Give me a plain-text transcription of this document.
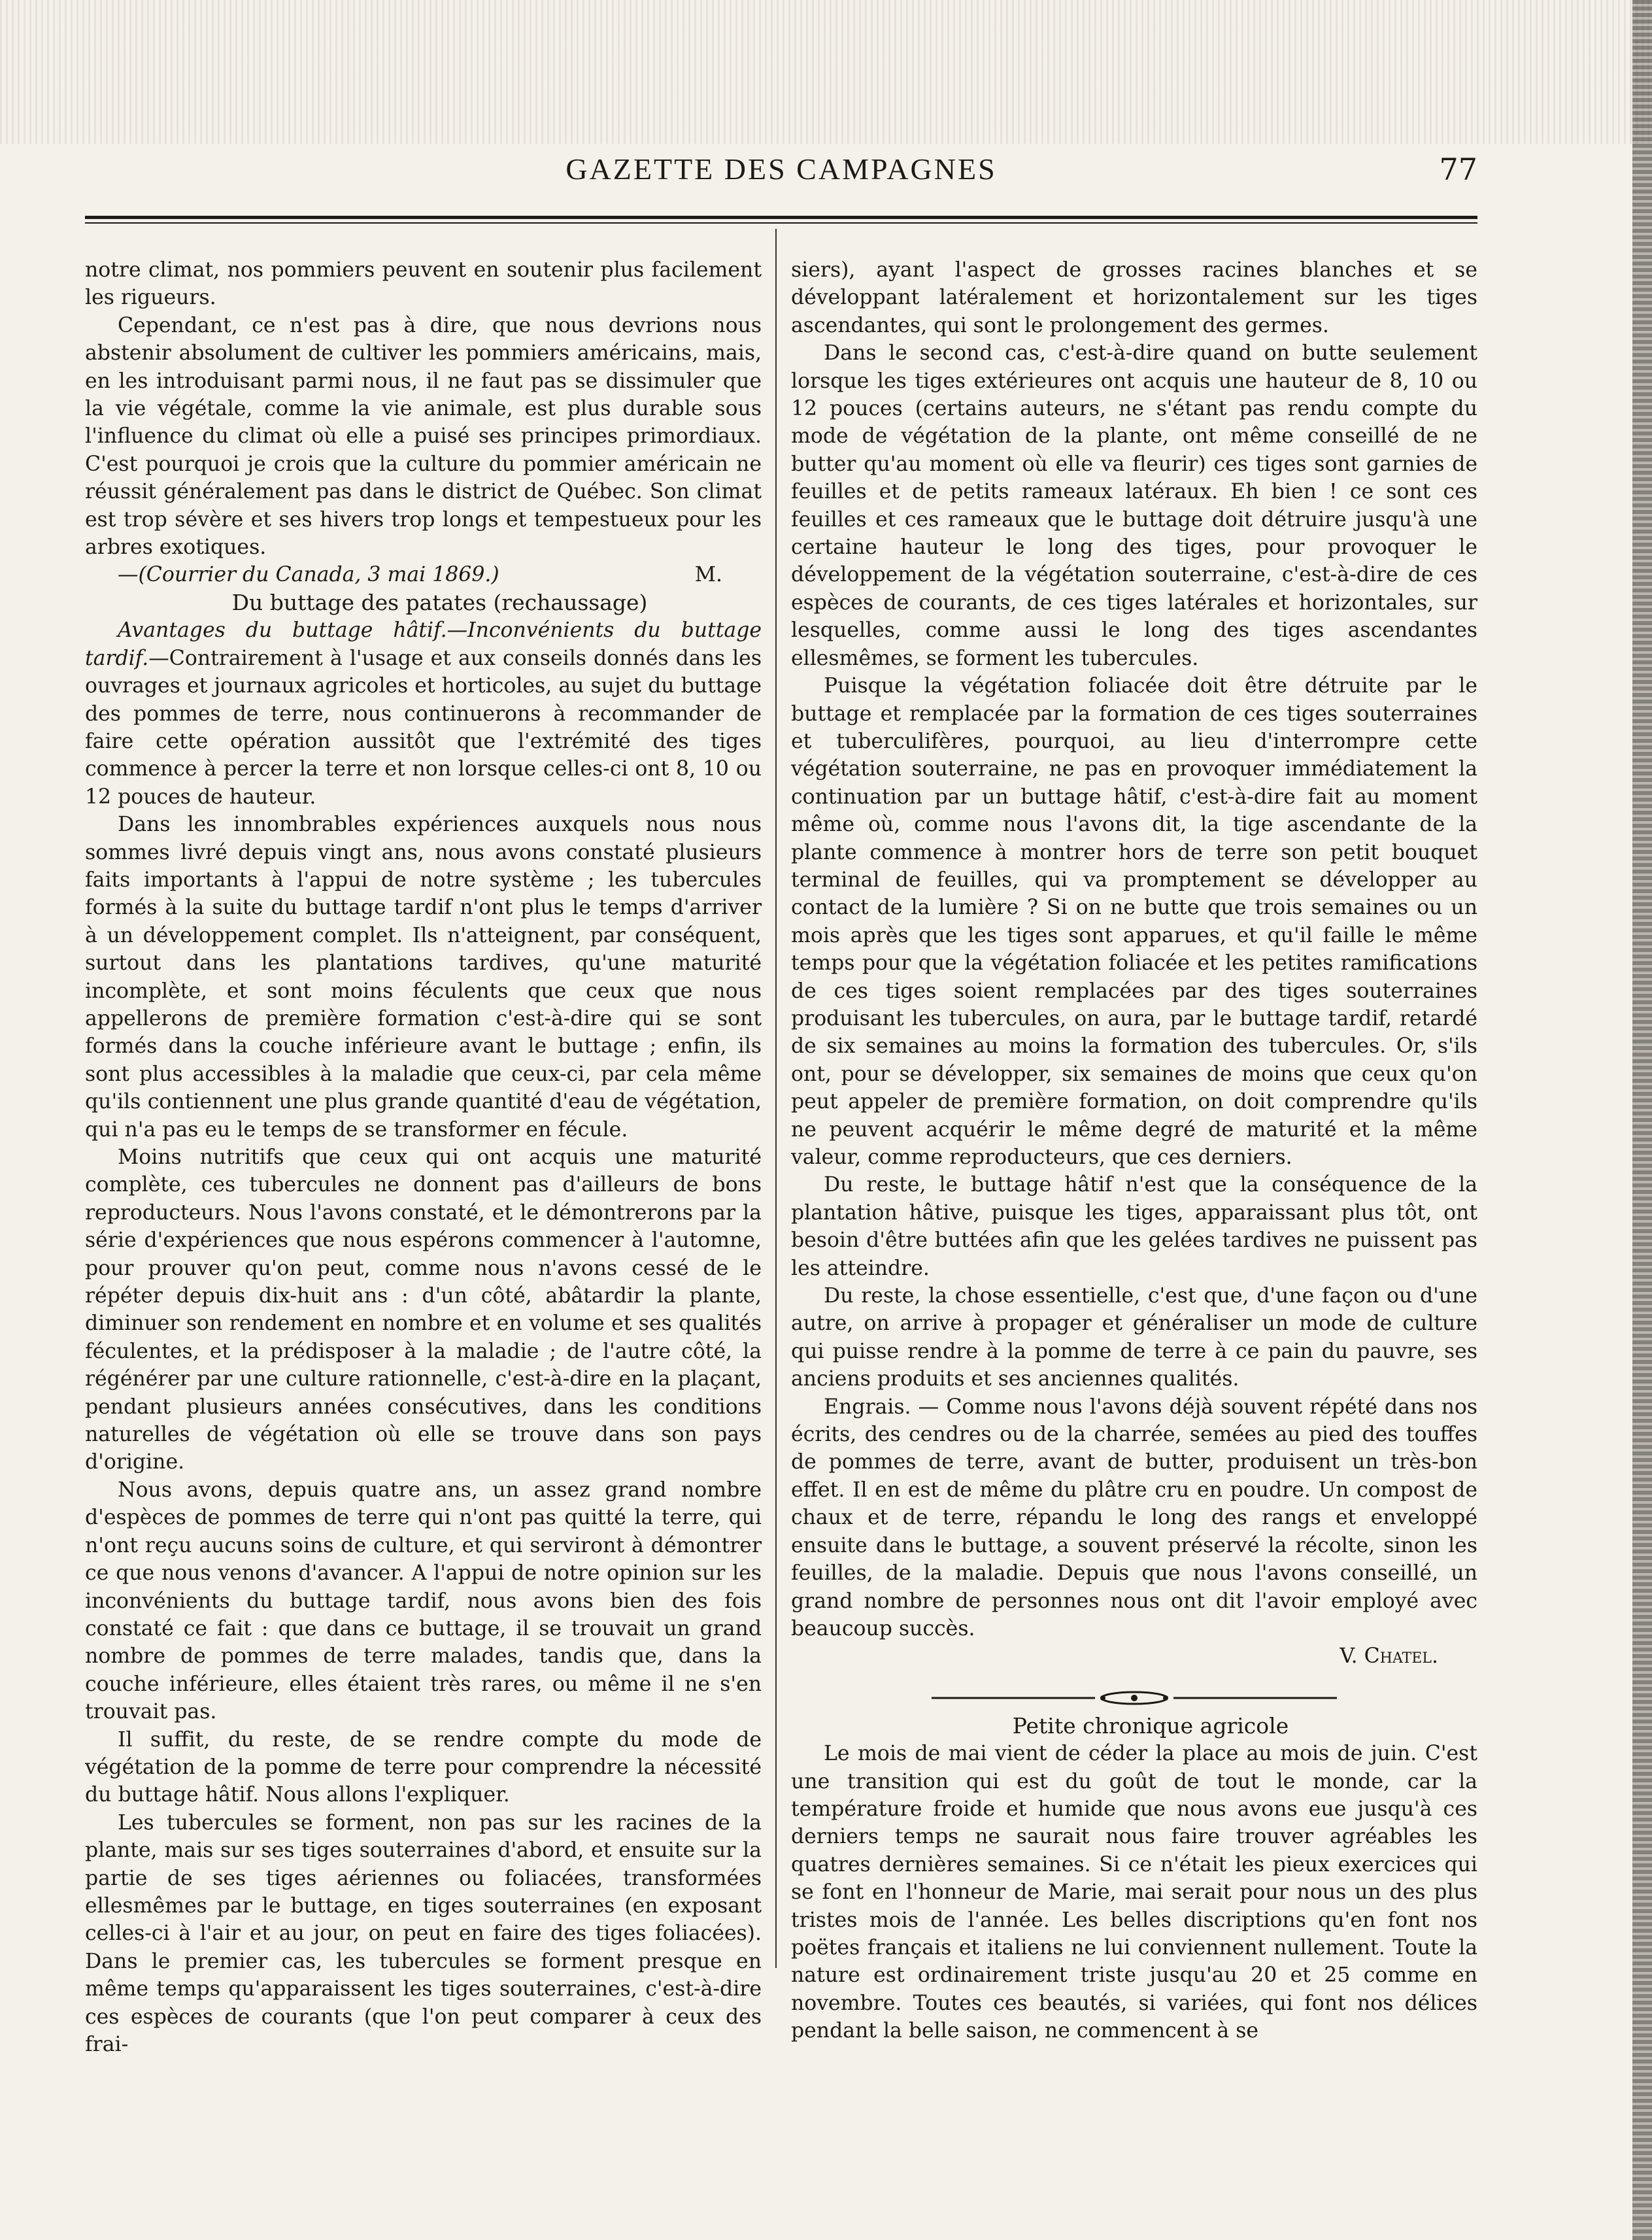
GAZETTE DES CAMPAGNES	77

notre climat, nos pommiers peuvent en soutenir plus facilement les rigueurs.

Cependant, ce n'est pas à dire, que nous devrions nous abstenir absolument de cultiver les pommiers américains, mais, en les introduisant parmi nous, il ne faut pas se dissimuler que la vie végétale, comme la vie animale, est plus durable sous l'influence du climat où elle a puisé ses principes primordiaux. C'est pourquoi je crois que la culture du pommier américain ne réussit généralement pas dans le district de Québec. Son climat est trop sévère et ses hivers trop longs et tempestueux pour les arbres exotiques.

—(Courrier du Canada, 3 mai 1869.)	M.

Du buttage des patates (rechaussage)

Avantages du buttage hâtif.—Inconvénients du buttage tardif.—Contrairement à l'usage et aux conseils donnés dans les ouvrages et journaux agricoles et horticoles, au sujet du buttage des pommes de terre, nous continuerons à recommander de faire cette opération aussitôt que l'extrémité des tiges commence à percer la terre et non lorsque celles-ci ont 8, 10 ou 12 pouces de hauteur.

Dans les innombrables expériences auxquels nous nous sommes livré depuis vingt ans, nous avons constaté plusieurs faits importants à l'appui de notre système ; les tubercules formés à la suite du buttage tardif n'ont plus le temps d'arriver à un développement complet. Ils n'atteignent, par conséquent, surtout dans les plantations tardives, qu'une maturité incomplète, et sont moins féculents que ceux que nous appellerons de première formation c'est-à-dire qui se sont formés dans la couche inférieure avant le buttage ; enfin, ils sont plus accessibles à la maladie que ceux-ci, par cela même qu'ils contiennent une plus grande quantité d'eau de végétation, qui n'a pas eu le temps de se transformer en fécule.

Moins nutritifs que ceux qui ont acquis une maturité complète, ces tubercules ne donnent pas d'ailleurs de bons reproducteurs. Nous l'avons constaté, et le démontrerons par la série d'expériences que nous espérons commencer à l'automne, pour prouver qu'on peut, comme nous n'avons cessé de le répéter depuis dix-huit ans : d'un côté, abâtardir la plante, diminuer son rendement en nombre et en volume et ses qualités féculentes, et la prédisposer à la maladie ; de l'autre côté, la régénérer par une culture rationnelle, c'est-à-dire en la plaçant, pendant plusieurs années consécutives, dans les conditions naturelles de végétation où elle se trouve dans son pays d'origine.

Nous avons, depuis quatre ans, un assez grand nombre d'espèces de pommes de terre qui n'ont pas quitté la terre, qui n'ont reçu aucuns soins de culture, et qui serviront à démontrer ce que nous venons d'avancer. A l'appui de notre opinion sur les inconvénients du buttage tardif, nous avons bien des fois constaté ce fait : que dans ce buttage, il se trouvait un grand nombre de pommes de terre malades, tandis que, dans la couche inférieure, elles étaient très rares, ou même il ne s'en trouvait pas.

Il suffit, du reste, de se rendre compte du mode de végétation de la pomme de terre pour comprendre la nécessité du buttage hâtif. Nous allons l'expliquer.

Les tubercules se forment, non pas sur les racines de la plante, mais sur ses tiges souterraines d'abord, et ensuite sur la partie de ses tiges aériennes ou foliacées, transformées ellesmêmes par le buttage, en tiges souterraines (en exposant celles-ci à l'air et au jour, on peut en faire des tiges foliacées). Dans le premier cas, les tubercules se forment presque en même temps qu'apparaissent les tiges souterraines, c'est-à-dire ces espèces de courants (que l'on peut comparer à ceux des frai-

siers), ayant l'aspect de grosses racines blanches et se développant latéralement et horizontalement sur les tiges ascendantes, qui sont le prolongement des germes.

Dans le second cas, c'est-à-dire quand on butte seulement lorsque les tiges extérieures ont acquis une hauteur de 8, 10 ou 12 pouces (certains auteurs, ne s'étant pas rendu compte du mode de végétation de la plante, ont même conseillé de ne butter qu'au moment où elle va fleurir) ces tiges sont garnies de feuilles et de petits rameaux latéraux. Eh bien ! ce sont ces feuilles et ces rameaux que le buttage doit détruire jusqu'à une certaine hauteur le long des tiges, pour provoquer le développement de la végétation souterraine, c'est-à-dire de ces espèces de courants, de ces tiges latérales et horizontales, sur lesquelles, comme aussi le long des tiges ascendantes ellesmêmes, se forment les tubercules.

Puisque la végétation foliacée doit être détruite par le buttage et remplacée par la formation de ces tiges souterraines et tuberculifères, pourquoi, au lieu d'interrompre cette végétation souterraine, ne pas en provoquer immédiatement la continuation par un buttage hâtif, c'est-à-dire fait au moment même où, comme nous l'avons dit, la tige ascendante de la plante commence à montrer hors de terre son petit bouquet terminal de feuilles, qui va promptement se développer au contact de la lumière ? Si on ne butte que trois semaines ou un mois après que les tiges sont apparues, et qu'il faille le même temps pour que la végétation foliacée et les petites ramifications de ces tiges soient remplacées par des tiges souterraines produisant les tubercules, on aura, par le buttage tardif, retardé de six semaines au moins la formation des tubercules. Or, s'ils ont, pour se développer, six semaines de moins que ceux qu'on peut appeler de première formation, on doit comprendre qu'ils ne peuvent acquérir le même degré de maturité et la même valeur, comme reproducteurs, que ces derniers.

Du reste, le buttage hâtif n'est que la conséquence de la plantation hâtive, puisque les tiges, apparaissant plus tôt, ont besoin d'être buttées afin que les gelées tardives ne puissent pas les atteindre.

Du reste, la chose essentielle, c'est que, d'une façon ou d'une autre, on arrive à propager et généraliser un mode de culture qui puisse rendre à la pomme de terre à ce pain du pauvre, ses anciens produits et ses anciennes qualités.

Engrais. — Comme nous l'avons déjà souvent répété dans nos écrits, des cendres ou de la charrée, semées au pied des touffes de pommes de terre, avant de butter, produisent un très-bon effet. Il en est de même du plâtre cru en poudre. Un compost de chaux et de terre, répandu le long des rangs et enveloppé ensuite dans le buttage, a souvent préservé la récolte, sinon les feuilles, de la maladie. Depuis que nous l'avons conseillé, un grand nombre de personnes nous ont dit l'avoir employé avec beaucoup succès.

V. Chatel.

Petite chronique agricole

Le mois de mai vient de céder la place au mois de juin. C'est une transition qui est du goût de tout le monde, car la température froide et humide que nous avons eue jusqu'à ces derniers temps ne saurait nous faire trouver agréables les quatres dernières semaines. Si ce n'était les pieux exercices qui se font en l'honneur de Marie, mai serait pour nous un des plus tristes mois de l'année. Les belles discriptions qu'en font nos poëtes français et italiens ne lui conviennent nullement. Toute la nature est ordinairement triste jusqu'au 20 et 25 comme en novembre. Toutes ces beautés, si variées, qui font nos délices pendant la belle saison, ne commencent à se
